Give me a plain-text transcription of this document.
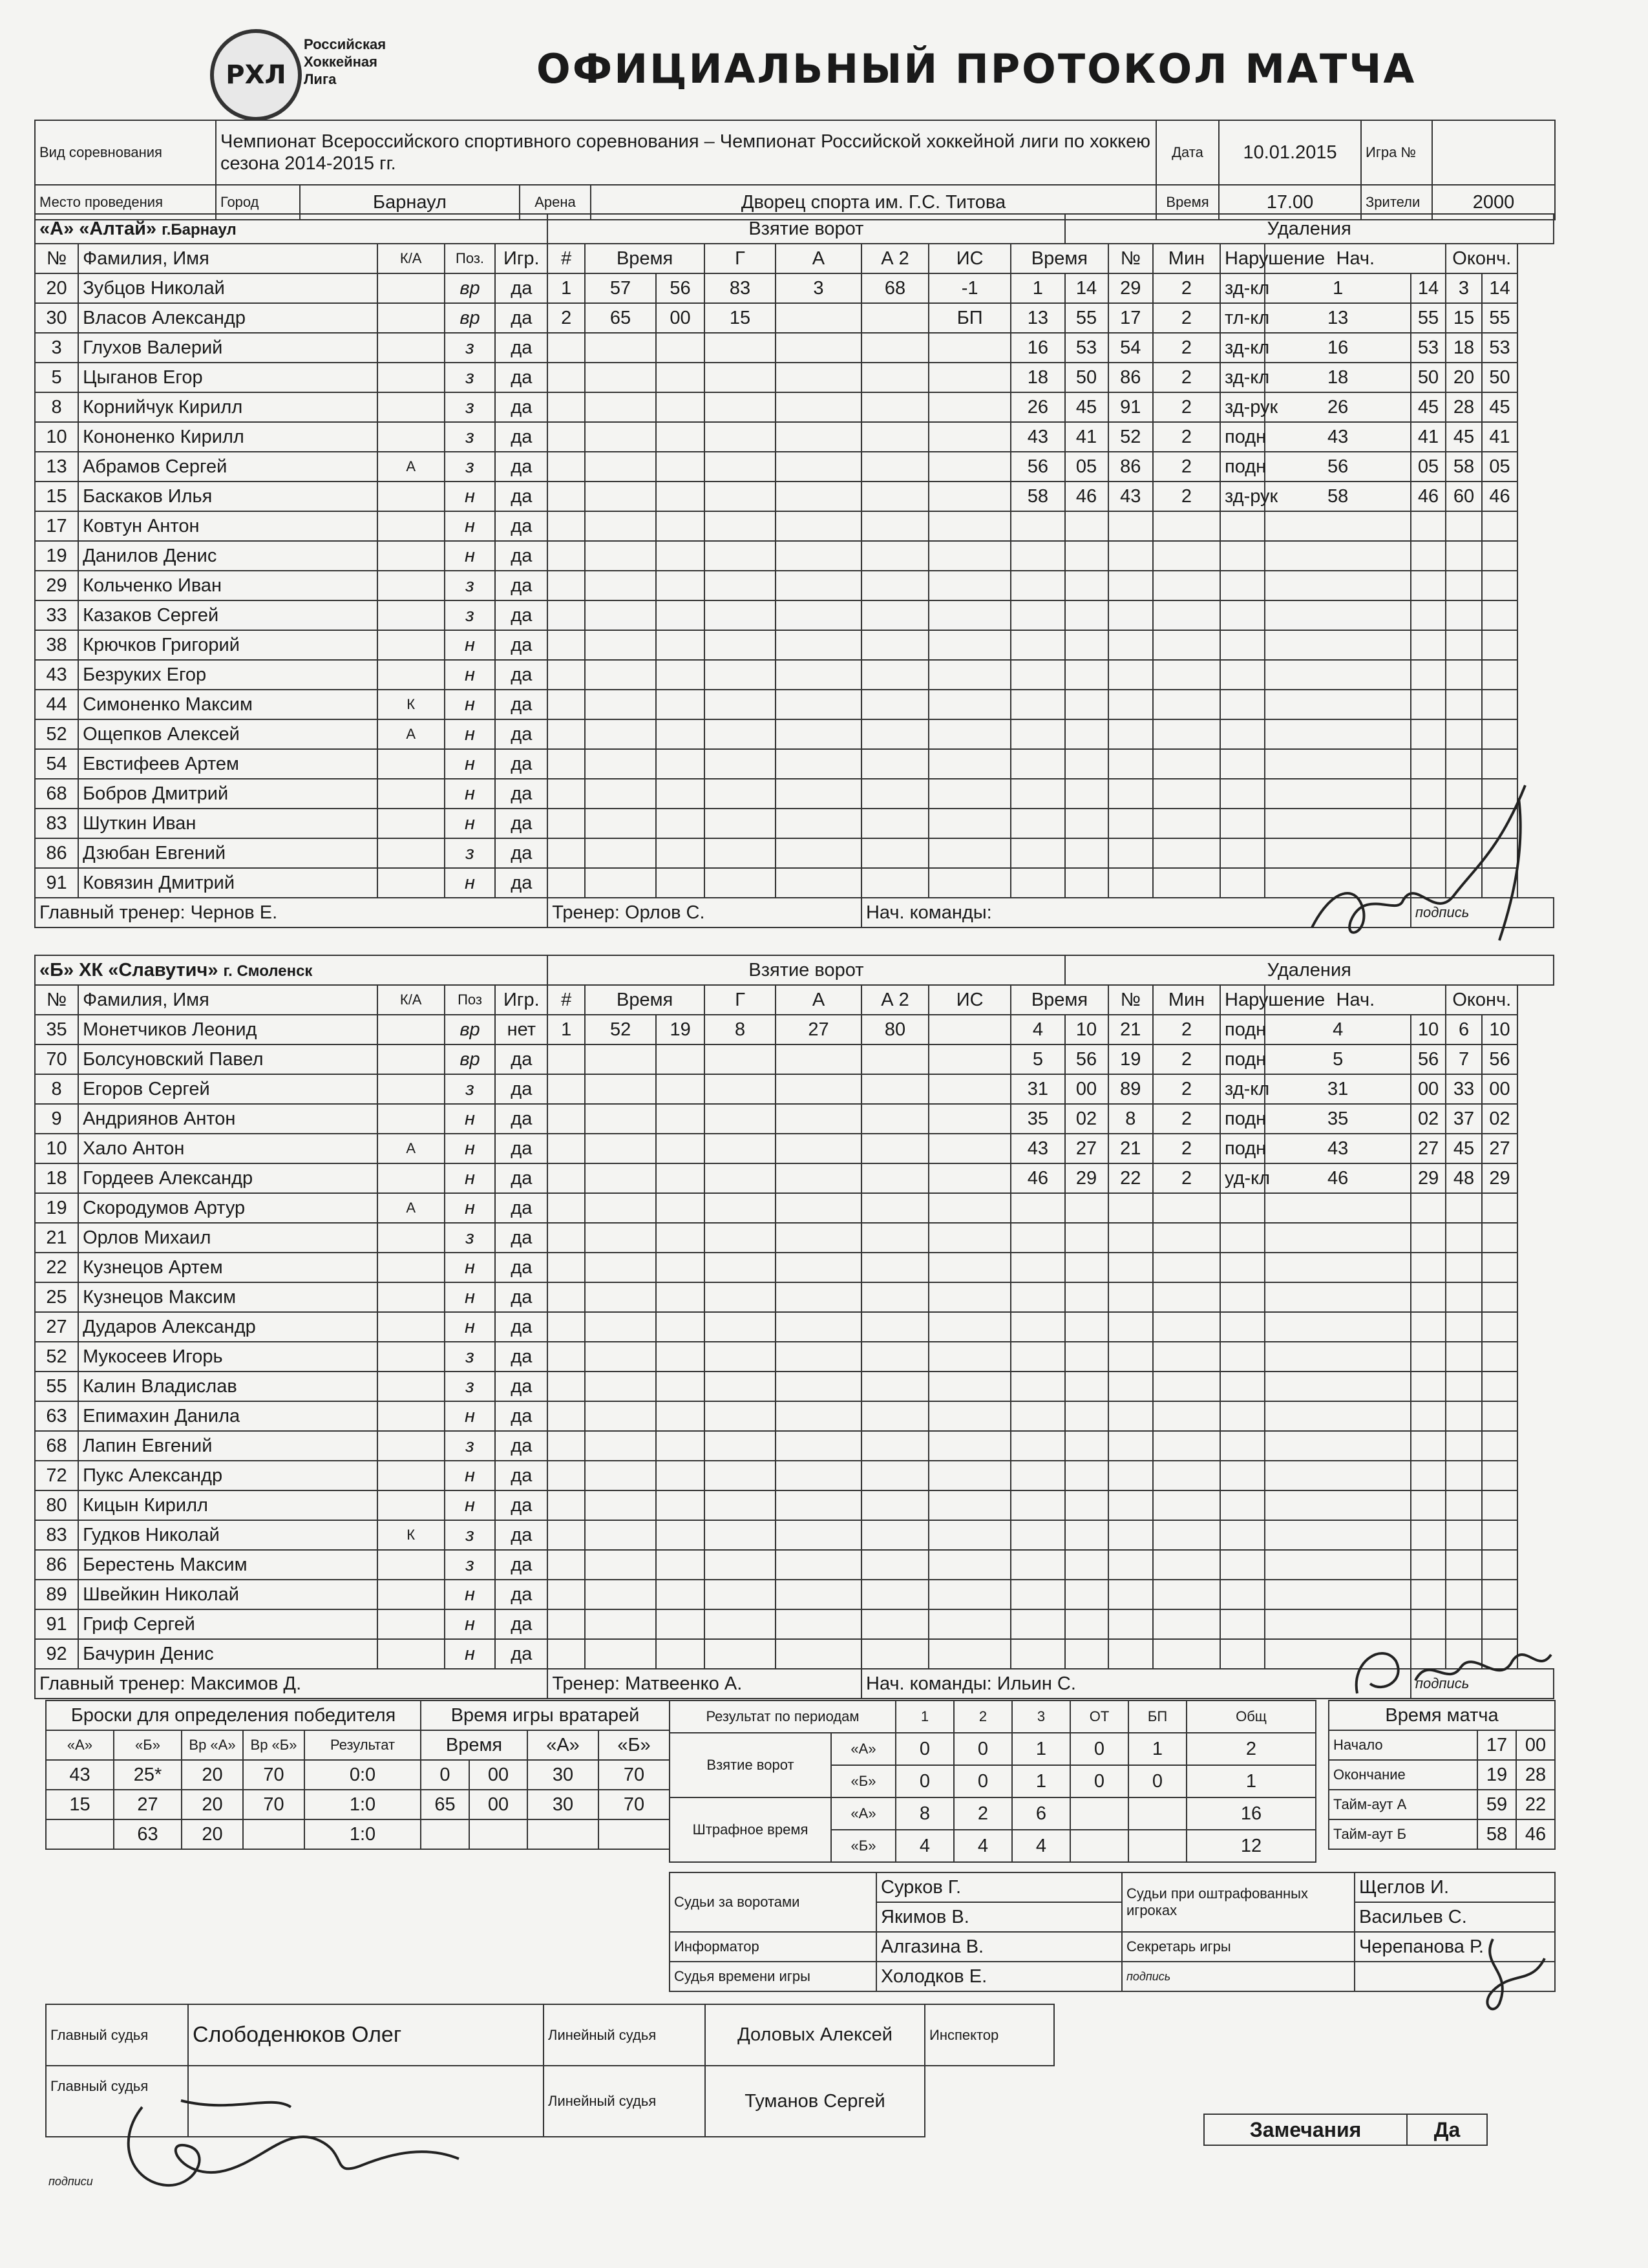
РХЛ
Российская
Хоккейная
Лига	ОФИЦИАЛЬНЫЙ ПРОТОКОЛ МАТЧА
Вид соревнования	Чемпионат Всероссийского спортивного соревнования – Чемпионат Российской хоккейной лиги по хоккею сезона 2014-2015 гг.				Дата	10.01.2015	Игра №	
Место проведения	Город	Барнаул	Арена	Дворец спорта им. Г.С. Титова	Время	17.00	Зрители	2000
«А» «Алтай» г.Барнаул					Взятие ворот								Удаления							
№	Фамилия, Имя	К/А	Поз.	Игр.	#	Время		Г	А	А 2	ИС	Время		№	Мин	Нарушение	Нач.		Оконч.	
20	Зубцов Николай		вр	да	1	57	56	83	3	68	-1	1	14	29	2	зд-кл	1	14	3	14
30	Власов Александр		вр	да	2	65	00	15			БП	13	55	17	2	тл-кл	13	55	15	55
3	Глухов Валерий		з	да								16	53	54	2	зд-кл	16	53	18	53
5	Цыганов Егор		з	да								18	50	86	2	зд-кл	18	50	20	50
8	Корнийчук Кирилл		з	да								26	45	91	2	зд-рук	26	45	28	45
10	Кононенко Кирилл		з	да								43	41	52	2	подн	43	41	45	41
13	Абрамов Сергей	А	з	да								56	05	86	2	подн	56	05	58	05
15	Баскаков Илья		н	да								58	46	43	2	зд-рук	58	46	60	46
17	Ковтун Антон		н	да																
19	Данилов Денис		н	да																
29	Кольченко Иван		з	да																
33	Казаков Сергей		з	да																
38	Крючков Григорий		н	да																
43	Безруких Егор		н	да																
44	Симоненко Максим	К	н	да																
52	Ощепков Алексей	А	н	да																
54	Евстифеев Артем		н	да																
68	Бобров Дмитрий		н	да																
83	Шуткин Иван		н	да																
86	Дзюбан Евгений		з	да																
91	Ковязин Дмитрий		н	да																
Главный тренер: Чернов Е.					Тренер: Орлов С.					Нач. команды:								подпись		
«Б» ХК «Славутич» г. Смоленск					Взятие ворот								Удаления							
№	Фамилия, Имя	К/А	Поз	Игр.	#	Время		Г	А	А 2	ИС	Время		№	Мин	Нарушение	Нач.		Оконч.	
35	Монетчиков Леонид		вр	нет	1	52	19	8	27	80		4	10	21	2	подн	4	10	6	10
70	Болсуновский Павел		вр	да								5	56	19	2	подн	5	56	7	56
8	Егоров Сергей		з	да								31	00	89	2	зд-кл	31	00	33	00
9	Андриянов Антон		н	да								35	02	8	2	подн	35	02	37	02
10	Хало Антон	А	н	да								43	27	21	2	подн	43	27	45	27
18	Гордеев Александр		н	да								46	29	22	2	уд-кл	46	29	48	29
19	Скородумов Артур	А	н	да																
21	Орлов Михаил		з	да																
22	Кузнецов Артем		н	да																
25	Кузнецов Максим		н	да																
27	Дударов Александр		н	да																
52	Мукосеев Игорь		з	да																
55	Калин Владислав		з	да																
63	Епимахин Данила		н	да																
68	Лапин Евгений		з	да																
72	Пукс Александр		н	да																
80	Кицын Кирилл		н	да																
83	Гудков Николай	К	з	да																
86	Берестень Максим		з	да																
89	Швейкин Николай		н	да																
91	Гриф Сергей		н	да																
92	Бачурин Денис		н	да																
Главный тренер: Максимов Д.					Тренер: Матвеенко А.					Нач. команды: Ильин С.								подпись		
Броски для определения победителя				
«А»	«Б»	Вр «А»	Вр «Б»	Результат
43	25*	20	70	0:0
15	27	20	70	1:0
	63	20		1:0
Время игры вратарей			
Время		«А»	«Б»
0	00	30	70
65	00	30	70

Результат по периодам		1	2	3	ОТ	БП	Общ
Взятие ворот	«А»	0	0	1	0	1	2
	«Б»	0	0	1	0	0	1
Штрафное время	«А»	8	2	6			16
	«Б»	4	4	4			12
Время матча		
Начало	17	00
Окончание	19	28
Тайм-аут А	59	22
Тайм-аут Б	58	46
Судьи за воротами	Сурков Г.	Судьи при оштрафованных игроках	Щеглов И.
	Якимов В.		Васильев С.
Информатор	Алгазина В.	Секретарь игры	Черепанова Р.
Судья времени игры	Холодков Е.	подпись	
Главный судья	Слободенюков Олег	Линейный судья	Доловых Алексей	Инспектор
Главный судья		Линейный судья	Туманов Сергей	
подписи
Замечания	Да
